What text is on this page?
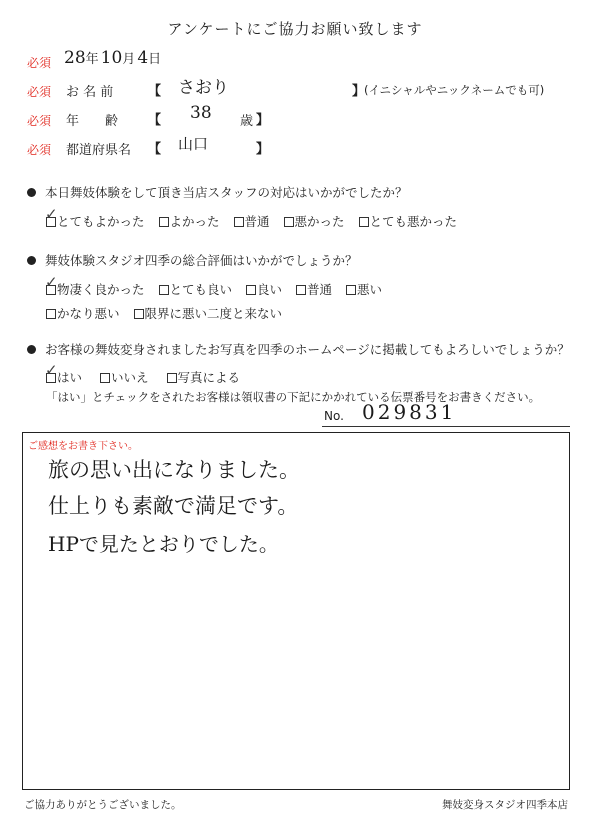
アンケートにご協力お願い致します
必須 28年 10月 4日
必須 お 名 前	【 さおり	】
(イニシャルやニックネームでも可)
必須 年　　齢 【 38 歳 】
必須 都道府県名 【 山口	】
本日舞妓体験をして頂き当店スタッフの対応はいかがでしたか？
とてもよかった よかった 普通 悪かった とても悪かった
✓
舞妓体験スタジオ四季の総合評価はいかがでしょうか？
物凄く良かった とても良い 良い 普通 悪い
かなり悪い 限界に悪い二度と来ない
✓
お客様の舞妓変身されましたお写真を四季のホームページに掲載してもよろしいでしょうか？
はい いいえ 写真による
✓
「はい」とチェックをされたお客様は領収書の下記にかかれている伝票番号をお書きください。
No. 029831
ご感想をお書き下さい。
旅の思い出になりました。
仕上りも素敵で満足です。
HPで見たとおりでした。
ご協力ありがとうございました。	舞妓変身スタジオ四季本店
